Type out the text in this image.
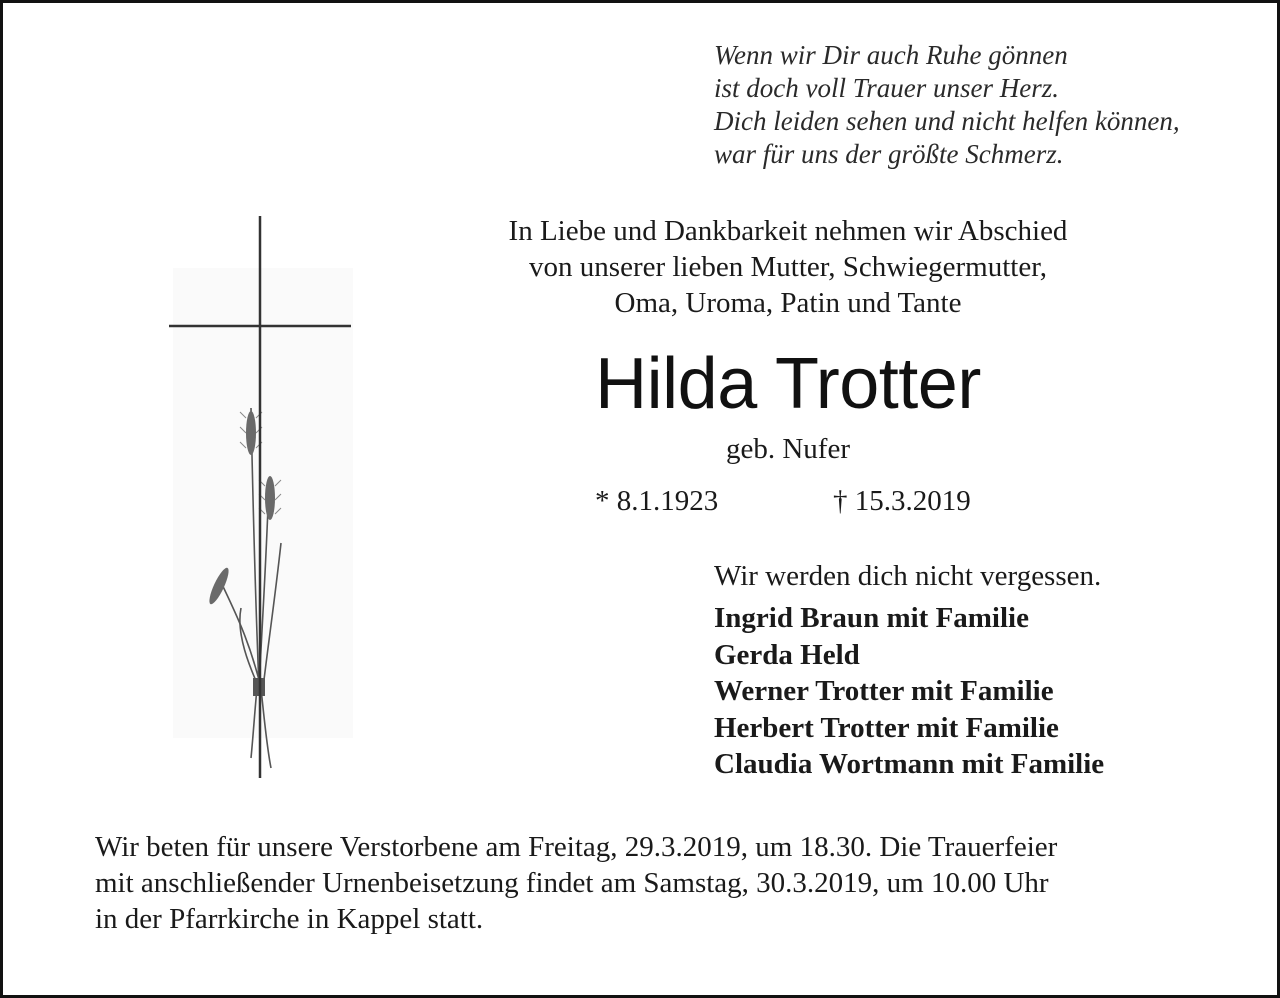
Wenn wir Dir auch Ruhe gönnen
ist doch voll Trauer unser Herz.
Dich leiden sehen und nicht helfen können,
war für uns der größte Schmerz.
In Liebe und Dankbarkeit nehmen wir Abschied
von unserer lieben Mutter, Schwiegermutter,
Oma, Uroma, Patin und Tante
Hilda Trotter
geb. Nufer
* 8.1.1923	† 15.3.2019
Wir werden dich nicht vergessen.
Ingrid Braun mit Familie
Gerda Held
Werner Trotter mit Familie
Herbert Trotter mit Familie
Claudia Wortmann mit Familie
Wir beten für unsere Verstorbene am Freitag, 29.3.2019, um 18.30. Die Trauerfeier
mit anschließender Urnenbeisetzung findet am Samstag, 30.3.2019, um 10.00 Uhr
in der Pfarrkirche in Kappel statt.
